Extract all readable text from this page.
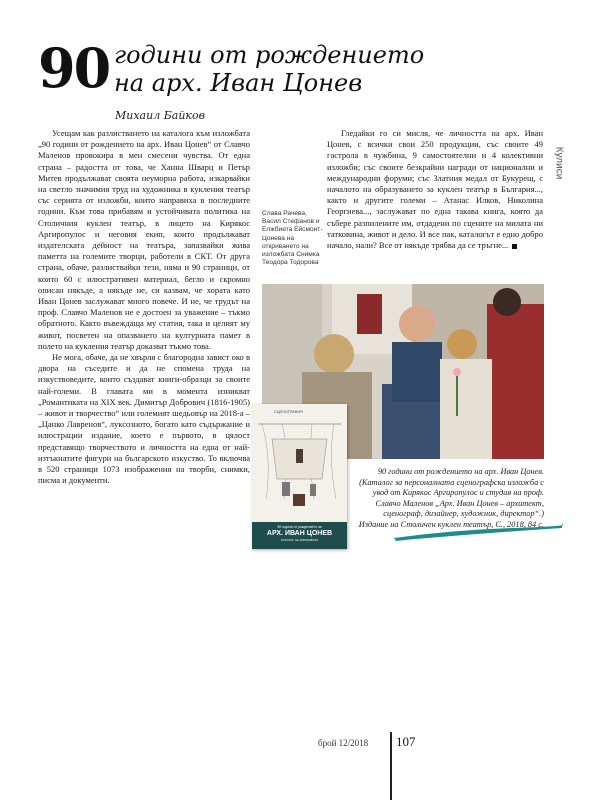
90 години от рождението
на арх. Иван Цонев
Михаил Байков

Усещам как разлистването на каталога към изложбата „90 години от рождението на арх. Иван Цонев“ от Славчо Маленов провокира в мен смесени чувства. От една страна – радостта от това, че Ханна Шварц и Петър Митев продължават своята неуморна работа, изкарвайки на светло значимия труд на художника в кукления театър със серията от изложби, които направиха в последните години. Към това прибавям и устойчивата политика на Столичния куклен театър, в лицето на Кирякос Аргиропулос и неговия екип, които продължават издателската дейност на театъра, запазвайки жива паметта на големите творци, работели в СКТ. От друга страна, обаче, разлиствайки тези, няма и 90 страници, от които 60 с илюстративен материал, бегло и скромно описан някъде, а някъде не, си казвам, че хората като Иван Цонев заслужават много повече. И не, че трудът на проф. Славчо Маленов не е достоен за уважение – тъкмо обратното. Както въвеждаща му статия, така и целият му живот, посветен на опазването на културната памет в полето на кукления театър доказват тъкмо това.

Не могa, обаче, да не хвърля с благородна завист око в двора на съседите и да не спомена труда на изкуствоведите, които създават книги-образци за своите най-големи. В главата ми в момента изникват „Романтиката на XIX век. Димитър Добрович (1816-1905) – живот и творчество“ или големият шедьовър на 2018-а – „Цанко Лавренов“, луксозното, богато като съдържание и илюстрации издание, което е първото, в цялост представящо творчеството и личността на една от най-изтъкнатите фигури на българското изкуство. То включва в 520 страници 1073 изображения на творби, снимки, писма и документи.

Гледайки го си мисля, че личността на арх. Иван Цонев, с всички свои 250 продукции, със своите 49 гастрола в чужбина, 9 самостоятелни и 4 колективни изложби; със своите безкрайни награди от национални и международни форуми; със Златния медал от Букурещ, с началото на образуването за куклен театър в България..., както и другите големи – Атанас Илков, Николина Георгиева..., заслужават по една такава книга, която да събере разпилените им, отдадени по сцените на милата ни татковина, живот и дело. И все пак, каталогът е едно добро начало, нали? Все от някъде трябва да се тръгне...

Слава Рачева, Васил Стефанов и Елжбиета Ейсмонт-Цонева на откриването на изложбата Снимка Теодора Тодорова
Кулиси
СЦЕНОГРАФИЯ
90 години от рождението на
АРХ. ИВАН ЦОНЕВ
КАТАЛОГ НА ИЗЛОЖБАТА
90 години от рождението на арх. Иван Цонев. (Каталог за персоналната сценографска изложба с увод от Кирякос Аргиропулос и студия на проф. Славчо Маленов „Арх. Иван Цонев – архитект, сценограф, дизайнер, художник, директор“.) Издание на Столичен куклен театър, С., 2018, 84 с.
брой 12/2018 107
